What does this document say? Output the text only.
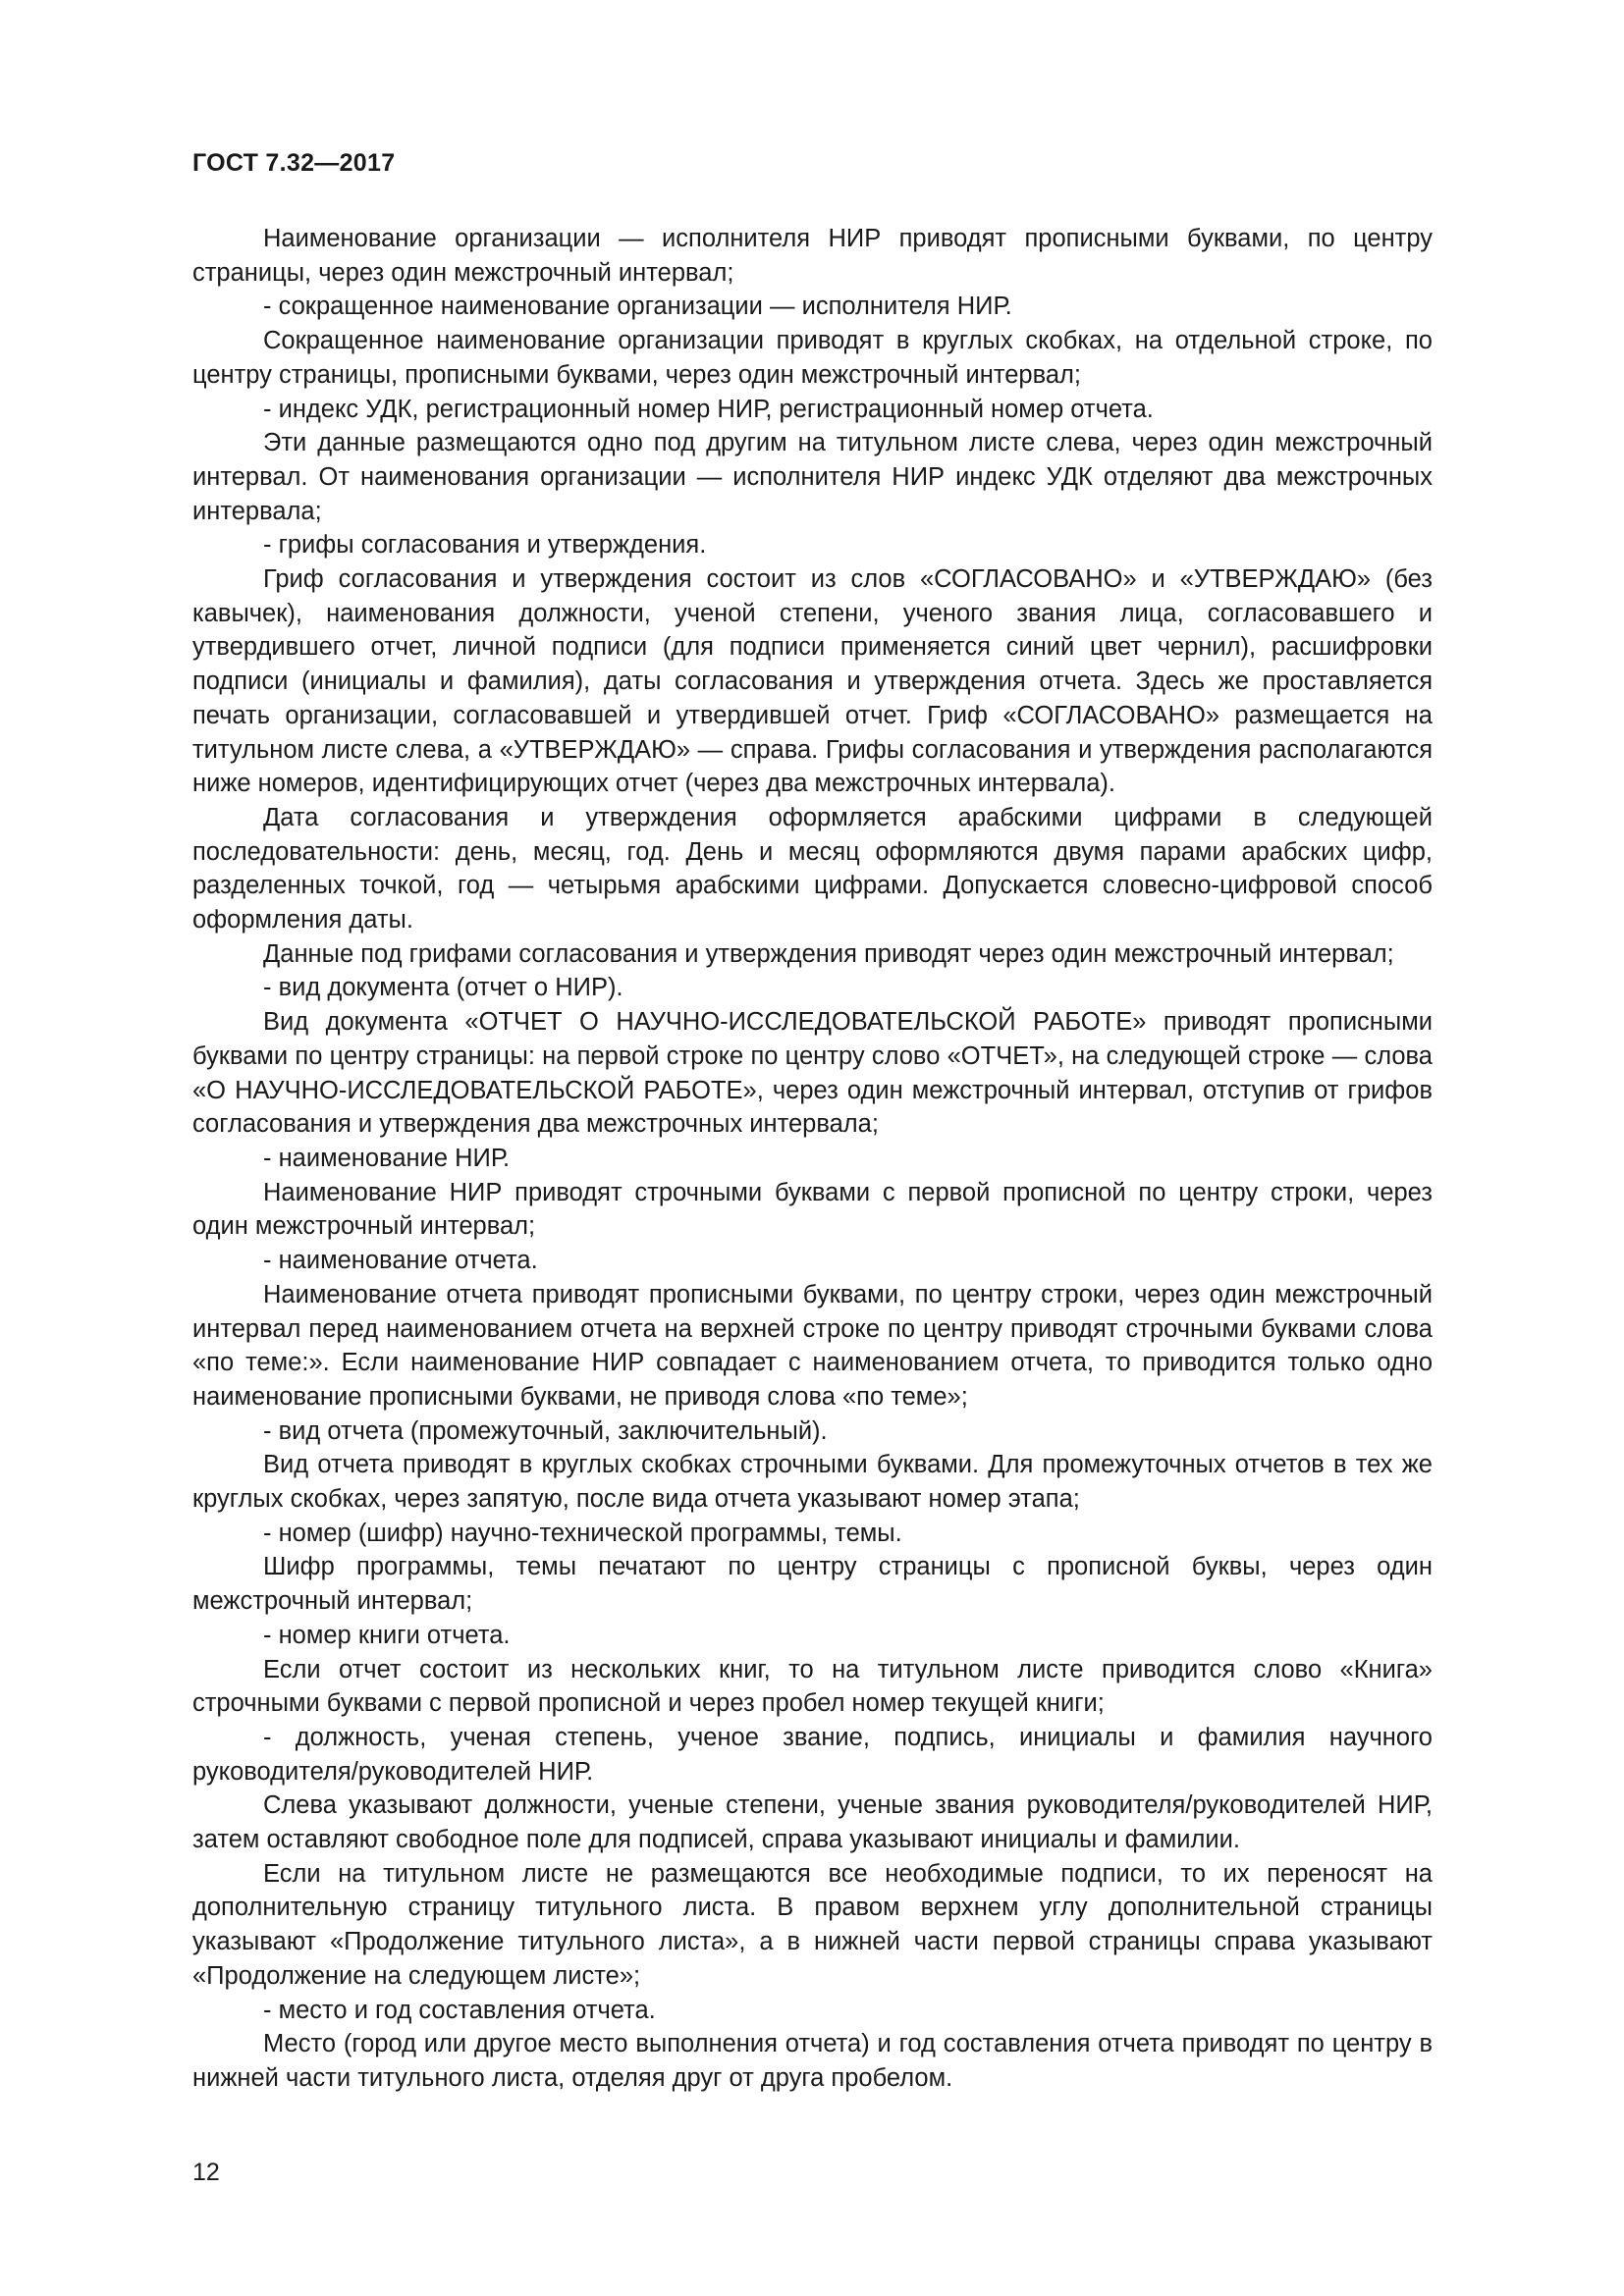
ГОСТ 7.32—2017

Наименование организации — исполнителя НИР приводят прописными буквами, по центру страницы, через один межстрочный интервал;

- сокращенное наименование организации — исполнителя НИР.

Сокращенное наименование организации приводят в круглых скобках, на отдельной строке, по центру страницы, прописными буквами, через один межстрочный интервал;

- индекс УДК, регистрационный номер НИР, регистрационный номер отчета.

Эти данные размещаются одно под другим на титульном листе слева, через один межстрочный интервал. От наименования организации — исполнителя НИР индекс УДК отделяют два межстрочных интервала;

- грифы согласования и утверждения.

Гриф согласования и утверждения состоит из слов «СОГЛАСОВАНО» и «УТВЕРЖДАЮ» (без кавычек), наименования должности, ученой степени, ученого звания лица, согласовавшего и утвердившего отчет, личной подписи (для подписи применяется синий цвет чернил), расшифровки подписи (инициалы и фамилия), даты согласования и утверждения отчета. Здесь же проставляется печать организации, согласовавшей и утвердившей отчет. Гриф «СОГЛАСОВАНО» размещается на титульном листе слева, а «УТВЕРЖДАЮ» — справа. Грифы согласования и утверждения располагаются ниже номеров, идентифицирующих отчет (через два межстрочных интервала).

Дата согласования и утверждения оформляется арабскими цифрами в следующей последовательности: день, месяц, год. День и месяц оформляются двумя парами арабских цифр, разделенных точкой, год — четырьмя арабскими цифрами. Допускается словесно-цифровой способ оформления даты.

Данные под грифами согласования и утверждения приводят через один межстрочный интервал;

- вид документа (отчет о НИР).

Вид документа «ОТЧЕТ О НАУЧНО-ИССЛЕДОВАТЕЛЬСКОЙ РАБОТЕ» приводят прописными буквами по центру страницы: на первой строке по центру слово «ОТЧЕТ», на следующей строке — слова «О НАУЧНО-ИССЛЕДОВАТЕЛЬСКОЙ РАБОТЕ», через один межстрочный интервал, отступив от грифов согласования и утверждения два межстрочных интервала;

- наименование НИР.

Наименование НИР приводят строчными буквами с первой прописной по центру строки, через один межстрочный интервал;

- наименование отчета.

Наименование отчета приводят прописными буквами, по центру строки, через один межстрочный интервал перед наименованием отчета на верхней строке по центру приводят строчными буквами слова «по теме:». Если наименование НИР совпадает с наименованием отчета, то приводится только одно наименование прописными буквами, не приводя слова «по теме»;

- вид отчета (промежуточный, заключительный).

Вид отчета приводят в круглых скобках строчными буквами. Для промежуточных отчетов в тех же круглых скобках, через запятую, после вида отчета указывают номер этапа;

- номер (шифр) научно-технической программы, темы.

Шифр программы, темы печатают по центру страницы с прописной буквы, через один межстрочный интервал;

- номер книги отчета.

Если отчет состоит из нескольких книг, то на титульном листе приводится слово «Книга» строчными буквами с первой прописной и через пробел номер текущей книги;

- должность, ученая степень, ученое звание, подпись, инициалы и фамилия научного руководителя/руководителей НИР.

Слева указывают должности, ученые степени, ученые звания руководителя/руководителей НИР, затем оставляют свободное поле для подписей, справа указывают инициалы и фамилии.

Если на титульном листе не размещаются все необходимые подписи, то их переносят на дополнительную страницу титульного листа. В правом верхнем углу дополнительной страницы указывают «Продолжение титульного листа», а в нижней части первой страницы справа указывают «Продолжение на следующем листе»;

- место и год составления отчета.

Место (город или другое место выполнения отчета) и год составления отчета приводят по центру в нижней части титульного листа, отделяя друг от друга пробелом.

12
